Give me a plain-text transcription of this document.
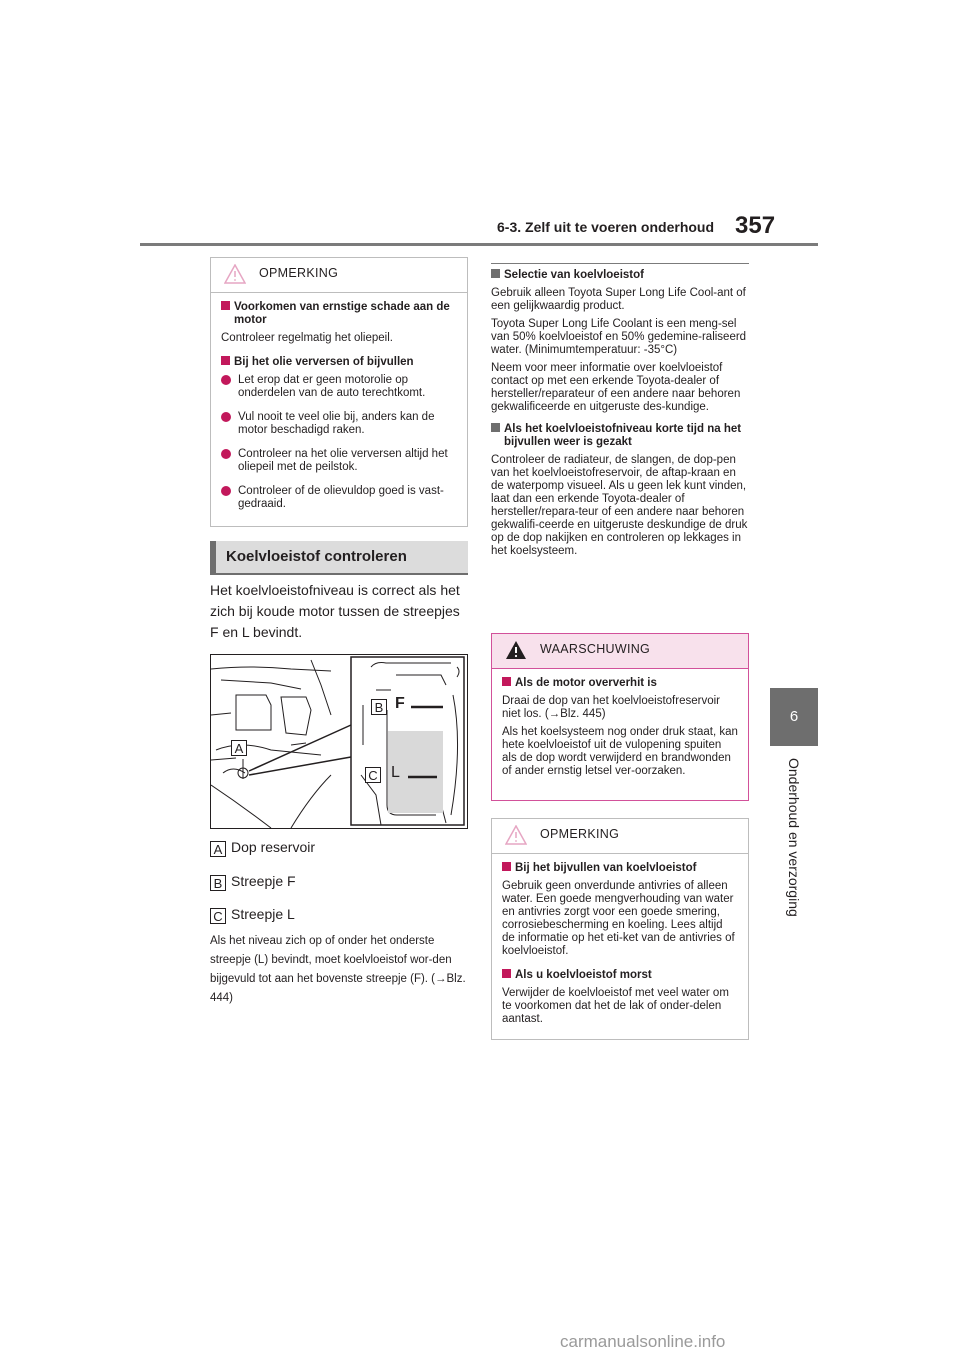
6-3. Zelf uit te voeren onderhoud 357
6
Onderhoud en verzorging
OPMERKING
Voorkomen van ernstige schade aan de motor
Controleer regelmatig het oliepeil.
Bij het olie verversen of bijvullen
Let erop dat er geen motorolie op onderdelen van de auto terechtkomt.
Vul nooit te veel olie bij, anders kan de motor beschadigd raken.
Controleer na het olie verversen altijd het oliepeil met de peilstok.
Controleer of de olievuldop goed is vast-gedraaid.
Koelvloeistof controleren
Het koelvloeistofniveau is correct als het zich bij koude motor tussen de streepjes F en L bevindt.
B F
A
C L
A Dop reservoir
B Streepje F
C Streepje L
Als het niveau zich op of onder het onderste streepje (L) bevindt, moet koelvloeistof wor-den bijgevuld tot aan het bovenste streepje (F). (→Blz. 444)
Selectie van koelvloeistof
Gebruik alleen Toyota Super Long Life Cool-ant of een gelijkwaardig product.
Toyota Super Long Life Coolant is een meng-sel van 50% koelvloeistof en 50% gedemine-raliseerd water. (Minimumtemperatuur: -35°C)
Neem voor meer informatie over koelvloeistof contact op met een erkende Toyota-dealer of hersteller/reparateur of een andere naar behoren gekwalificeerde en uitgeruste des-kundige.
Als het koelvloeistofniveau korte tijd na het bijvullen weer is gezakt
Controleer de radiateur, de slangen, de dop-pen van het koelvloeistofreservoir, de aftap-kraan en de waterpomp visueel. Als u geen lek kunt vinden, laat dan een erkende Toyota-dealer of hersteller/repara-teur of een andere naar behoren gekwalifi-ceerde en uitgeruste deskundige de druk op de dop nakijken en controleren op lekkages in het koelsysteem.
WAARSCHUWING
Als de motor oververhit is
Draai de dop van het koelvloeistofreservoir niet los. (→Blz. 445)
Als het koelsysteem nog onder druk staat, kan hete koelvloeistof uit de vulopening spuiten als de dop wordt verwijderd en brandwonden of ander ernstig letsel ver-oorzaken.
OPMERKING
Bij het bijvullen van koelvloeistof
Gebruik geen onverdunde antivries of alleen water. Een goede mengverhouding van water en antivries zorgt voor een goede smering, corrosiebescherming en koeling. Lees altijd de informatie op het eti-ket van de antivries of koelvloeistof.
Als u koelvloeistof morst
Verwijder de koelvloeistof met veel water om te voorkomen dat het de lak of onder-delen aantast.
carmanualsonline.info
